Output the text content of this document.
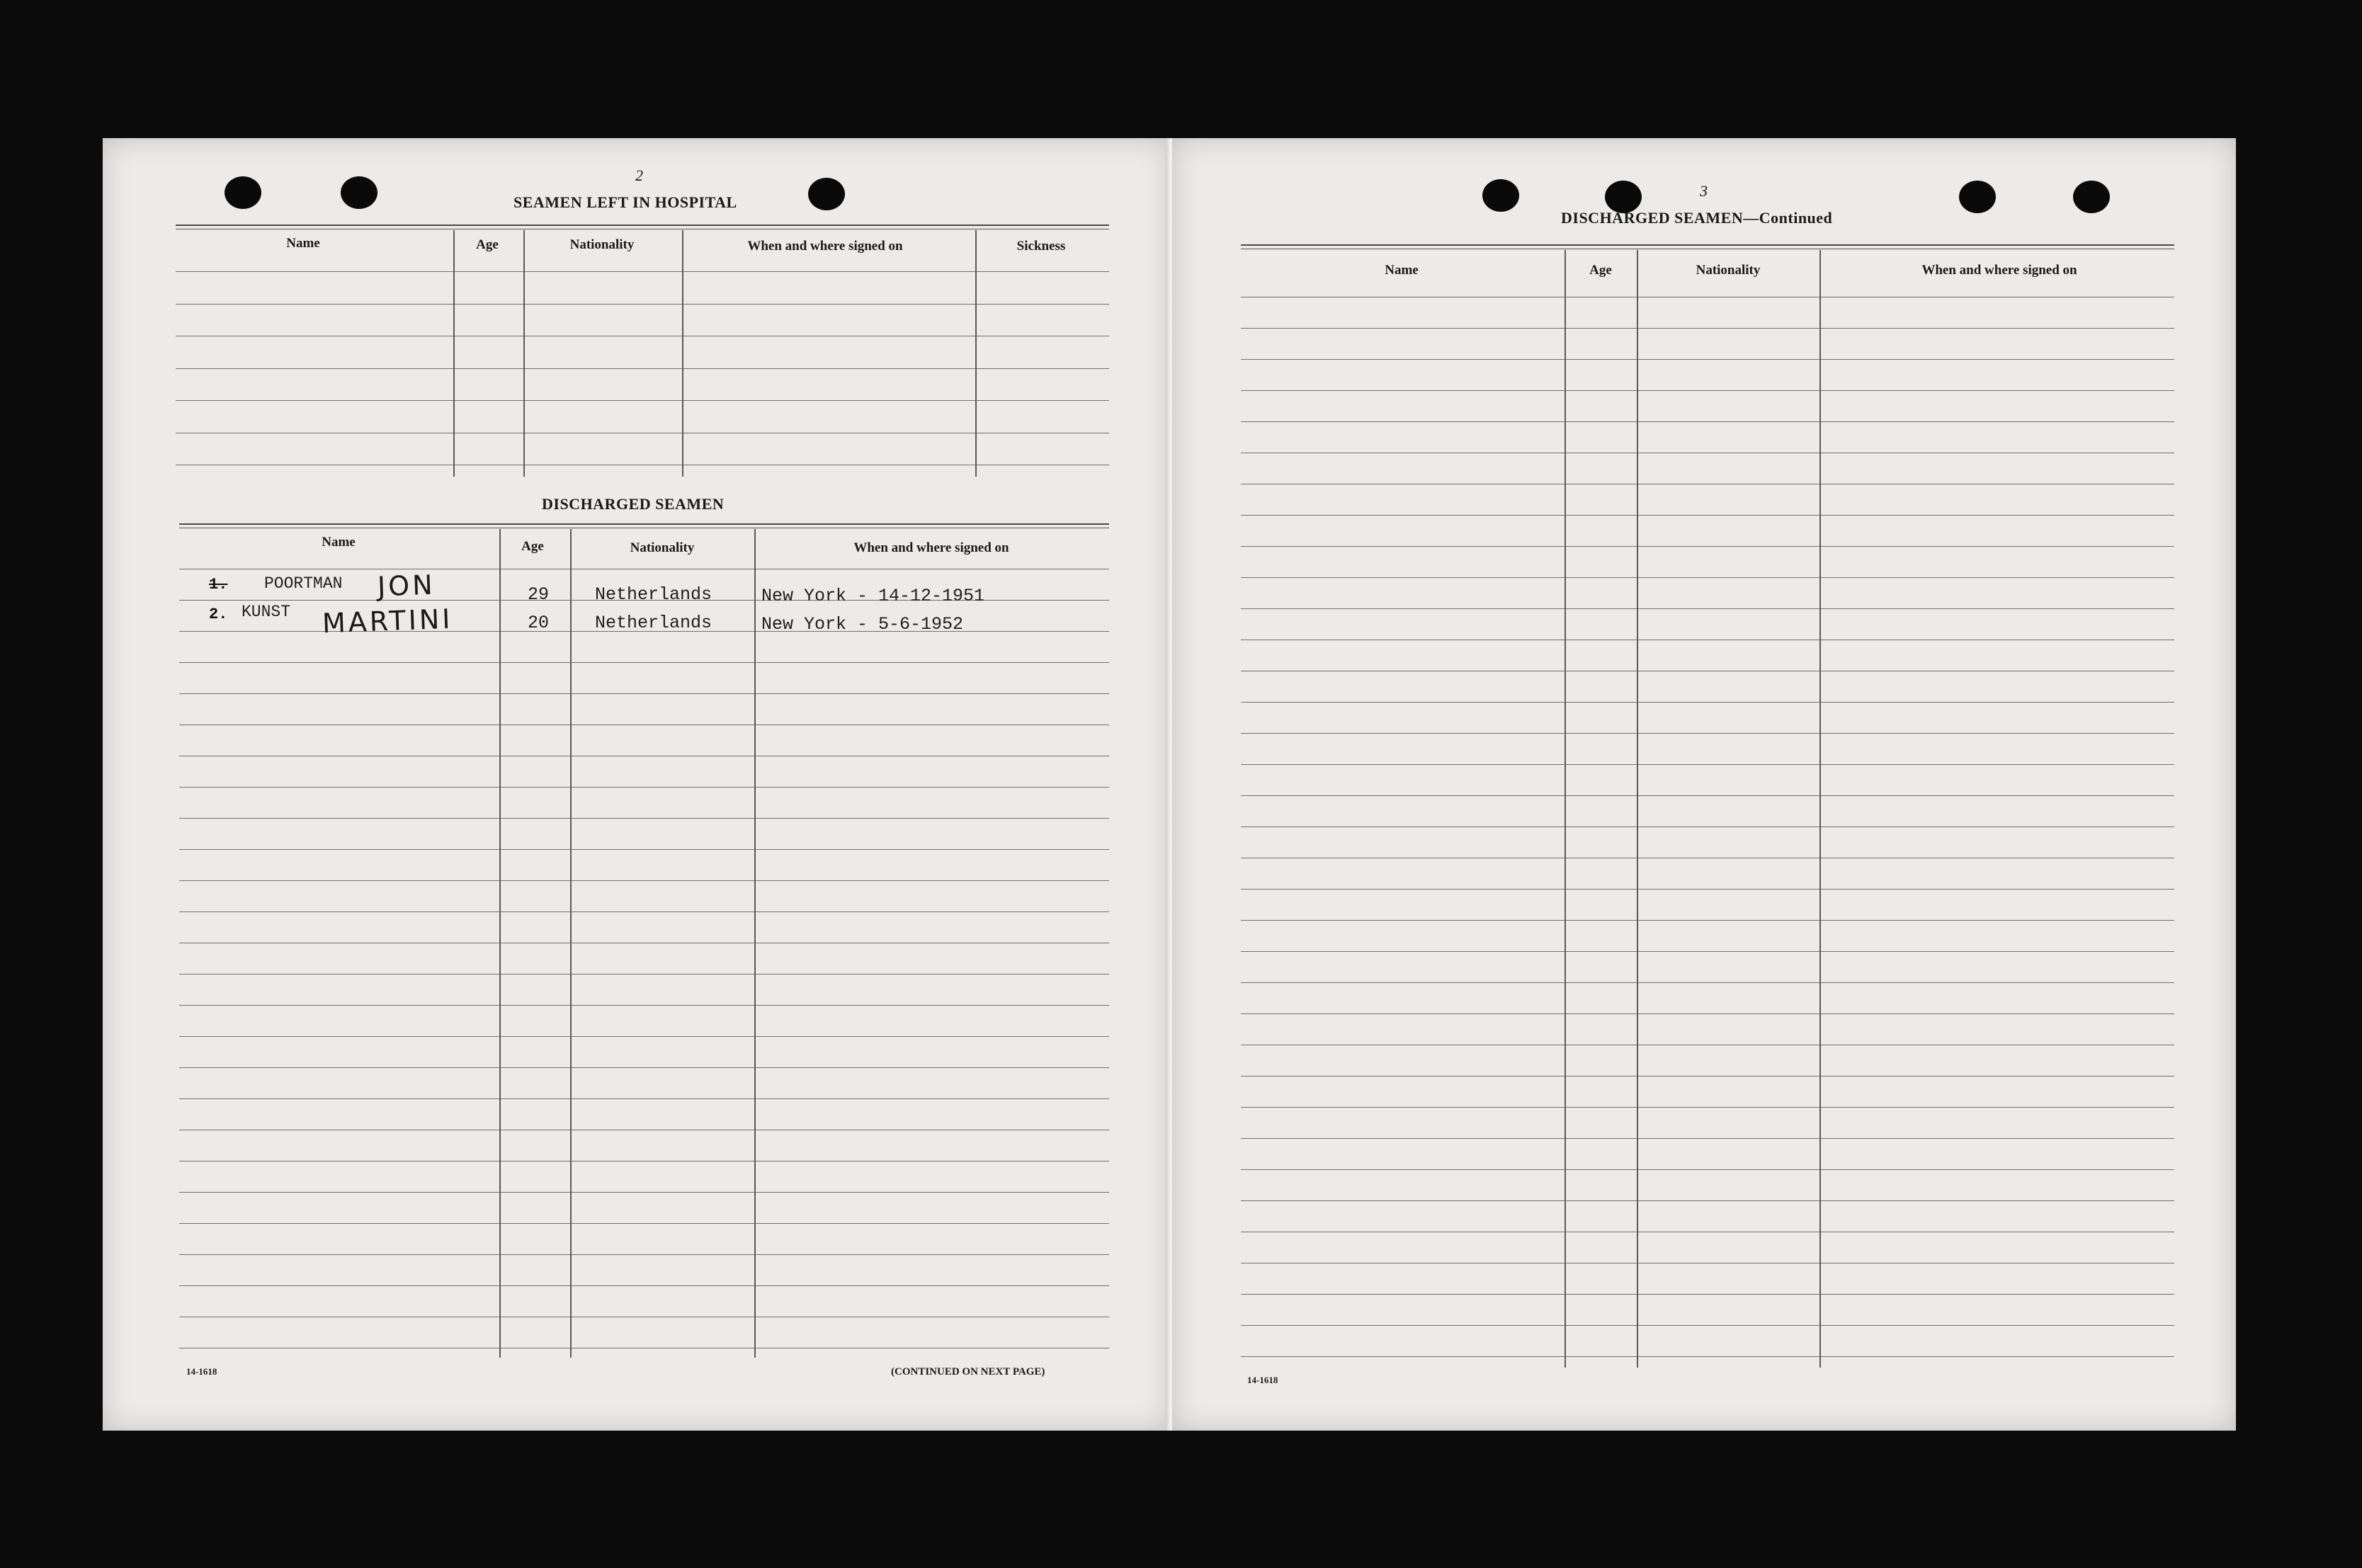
2
SEAMEN LEFT IN HOSPITAL
Name	Age	Nationality	When and where signed on	Sickness
DISCHARGED SEAMEN
Name	Age	Nationality	When and where signed on
1. POORTMAN JON	29	Netherlands	New York - 14-12-1951
2. KUNST MARTINI	20	Netherlands	New York - 5-6-1952
14-1618	(CONTINUED ON NEXT PAGE)
3
DISCHARGED SEAMEN—Continued
Name	Age	Nationality	When and where signed on
14-1618
